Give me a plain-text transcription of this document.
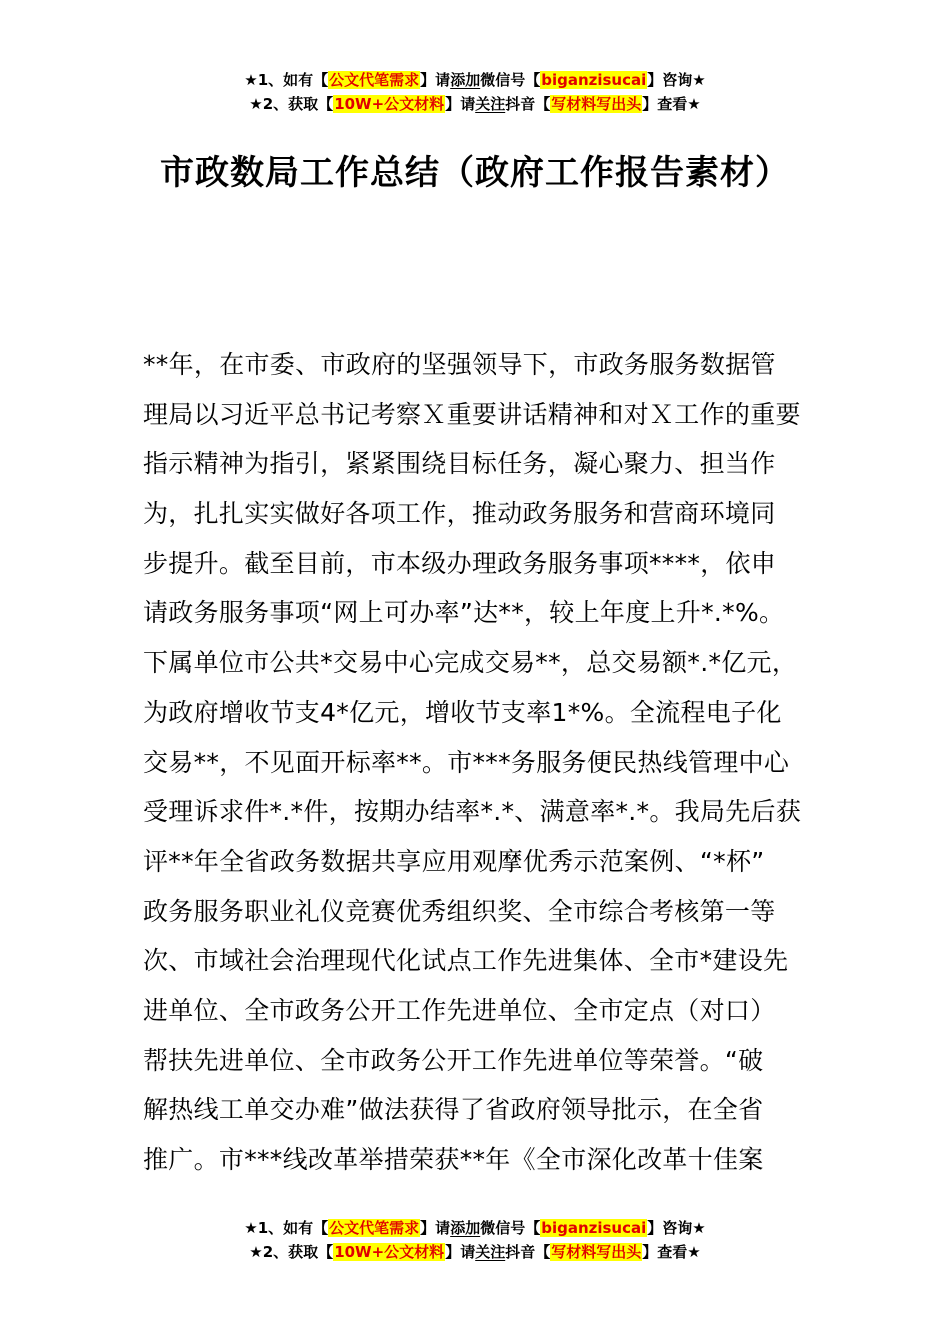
★1、如有【公文代笔需求】请添加微信号【biganzisucai】咨询★
★2、获取【10W+公文材料】请关注抖音【写材料写出头】查看★
市政数局工作总结（政府工作报告素材）
**年，在市委、市政府的坚强领导下，市政务服务数据管
理局以习近平总书记考察Ｘ重要讲话精神和对Ｘ工作的重要
指示精神为指引，紧紧围绕目标任务，凝心聚力、担当作
为，扎扎实实做好各项工作，推动政务服务和营商环境同
步提升。截至目前，市本级办理政务服务事项****，依申
请政务服务事项“网上可办率”达**，较上年度上升*.*%。
下属单位市公共*交易中心完成交易**，总交易额*.*亿元，
为政府增收节支4*亿元，增收节支率1*%。全流程电子化
交易**，不见面开标率**。市***务服务便民热线管理中心
受理诉求件*.*件，按期办结率*.*、满意率*.*。我局先后获
评**年全省政务数据共享应用观摩优秀示范案例、“*杯”
政务服务职业礼仪竞赛优秀组织奖、全市综合考核第一等
次、市域社会治理现代化试点工作先进集体、全市*建设先
进单位、全市政务公开工作先进单位、全市定点（对口）
帮扶先进单位、全市政务公开工作先进单位等荣誉。“破
解热线工单交办难”做法获得了省政府领导批示，在全省
推广。市***线改革举措荣获**年《全市深化改革十佳案
★1、如有【公文代笔需求】请添加微信号【biganzisucai】咨询★
★2、获取【10W+公文材料】请关注抖音【写材料写出头】查看★
